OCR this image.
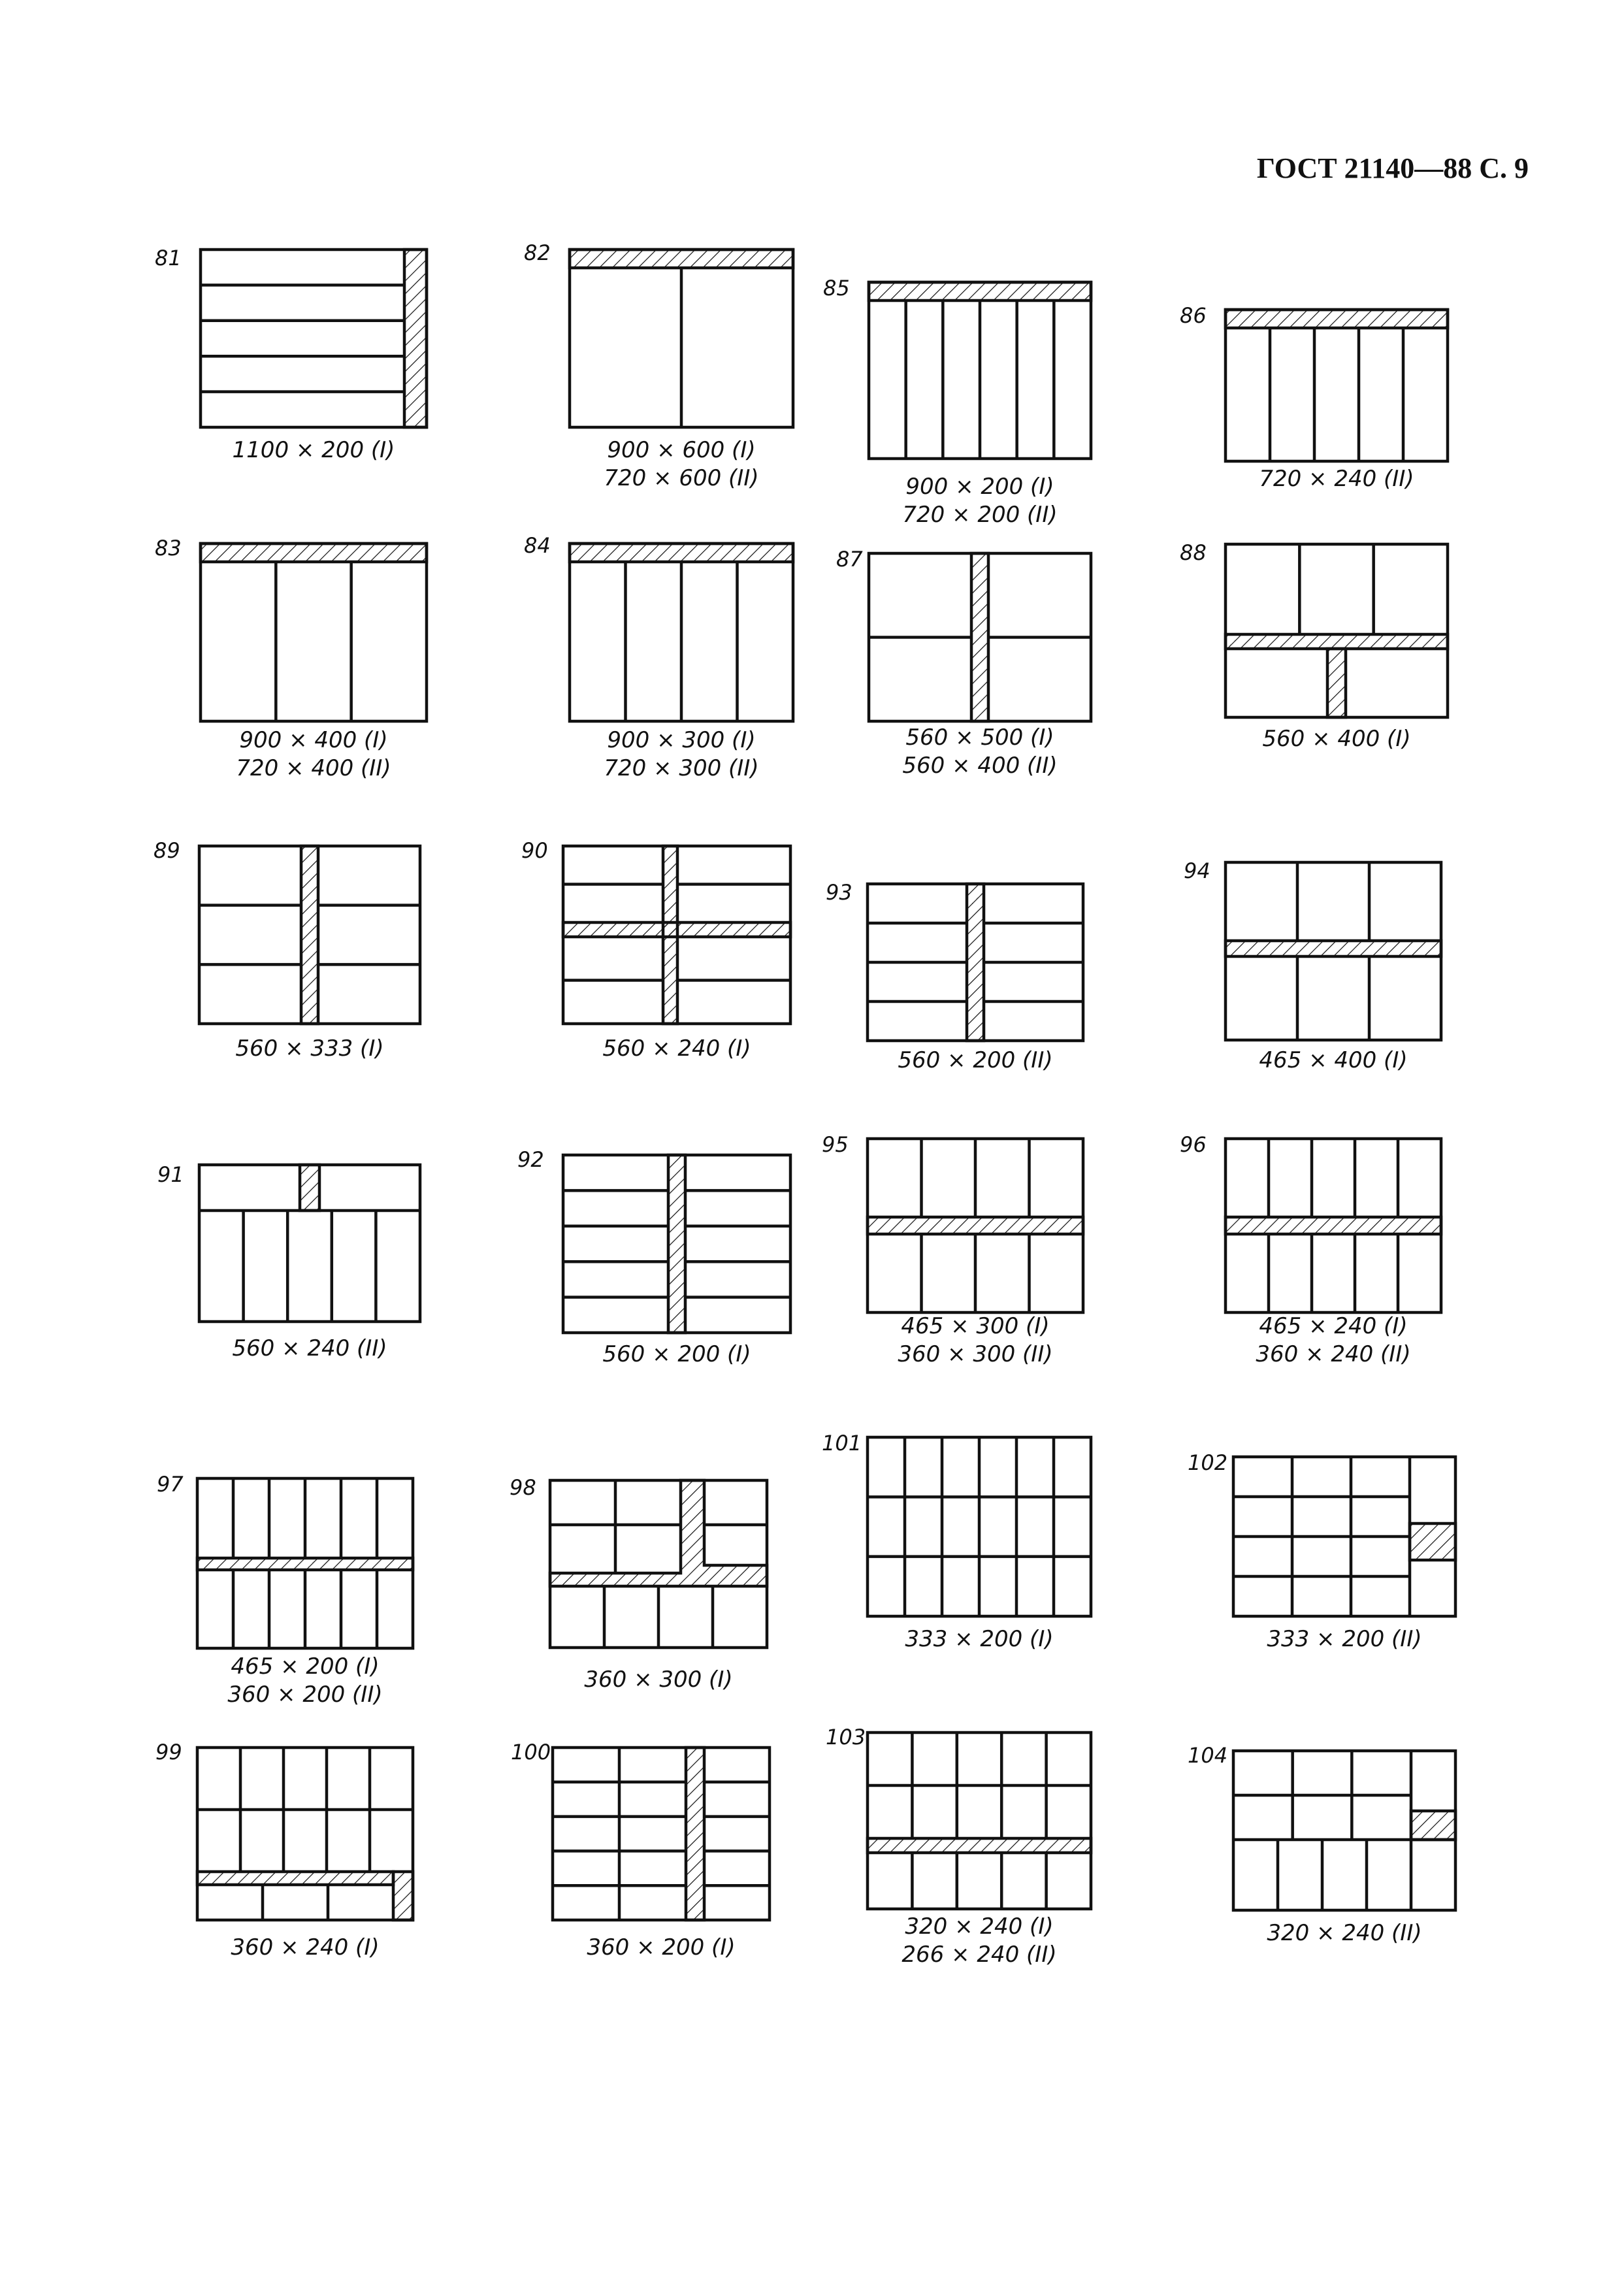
ГОСТ 21140—88 С. 9
81
1100 × 200 (I)
82
900 × 600 (I)
720 × 600 (II)
85
900 × 200 (I)
720 × 200 (II)
86
720 × 240 (II)
83
900 × 400 (I)
720 × 400 (II)
84
900 × 300 (I)
720 × 300 (II)
87
560 × 500 (I)
560 × 400 (II)
88
560 × 400 (I)
89
560 × 333 (I)
90
560 × 240 (I)
93
560 × 200 (II)
94
465 × 400 (I)
91
560 × 240 (II)
92
560 × 200 (I)
95
465 × 300 (I)
360 × 300 (II)
96
465 × 240 (I)
360 × 240 (II)
97
465 × 200 (I)
360 × 200 (II)
98
360 × 300 (I)
101
333 × 200 (I)
102
333 × 200 (II)
99
360 × 240 (I)
100
360 × 200 (I)
103
320 × 240 (I)
266 × 240 (II)
104
320 × 240 (II)
